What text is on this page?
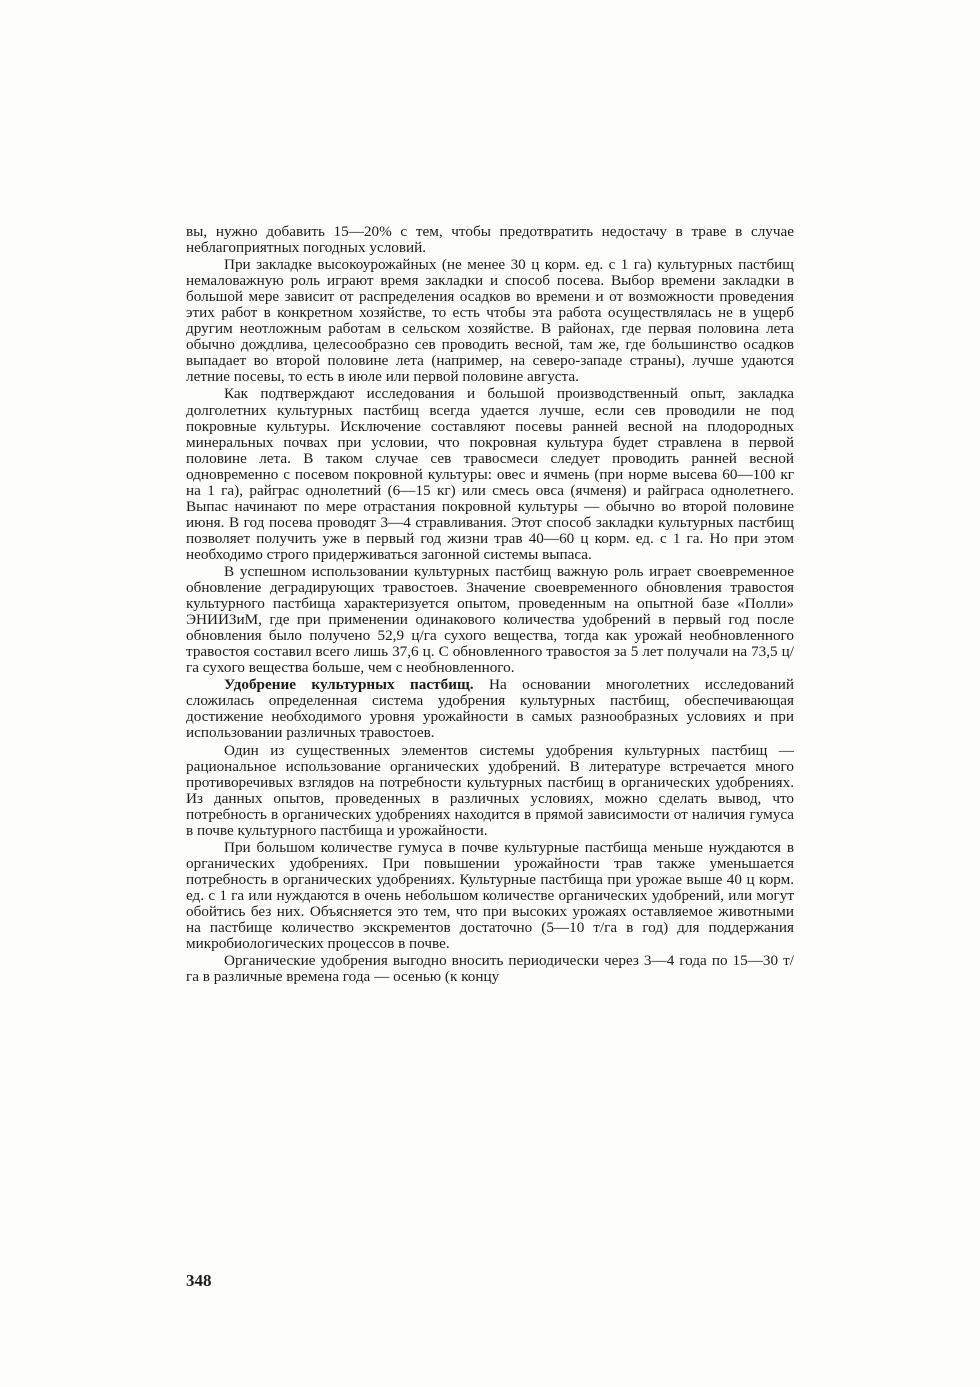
вы, нужно добавить 15—20% с тем, чтобы предотвратить недостачу в траве в случае неблагоприятных погодных условий.

При закладке высокоурожайных (не менее 30 ц корм. ед. с 1 га) культурных пастбищ немаловажную роль играют время закладки и способ посева. Выбор времени закладки в большой мере зависит от распределения осадков во времени и от возможности проведения этих работ в конкретном хозяйстве, то есть чтобы эта работа осуществлялась не в ущерб другим неотложным работам в сельском хозяйстве. В районах, где первая половина лета обычно дождлива, целесообразно сев проводить весной, там же, где большинство осадков выпадает во второй половине лета (например, на северо-западе страны), лучше удаются летние посевы, то есть в июле или первой половине августа.

Как подтверждают исследования и большой производственный опыт, закладка долголетних культурных пастбищ всегда удается лучше, если сев проводили не под покровные культуры. Исключение составляют посевы ранней весной на плодородных минеральных почвах при условии, что покровная культура будет стравлена в первой половине лета. В таком случае сев травосмеси следует проводить ранней весной одновременно с посевом покровной культуры: овес и ячмень (при норме высева 60—100 кг на 1 га), райграс однолетний (6—15 кг) или смесь овса (ячменя) и райграса однолетнего. Выпас начинают по мере отрастания покровной культуры — обычно во второй половине июня. В год посева проводят 3—4 стравливания. Этот способ закладки культурных пастбищ позволяет получить уже в первый год жизни трав 40—60 ц корм. ед. с 1 га. Но при этом необходимо строго придерживаться загонной системы выпаса.

В успешном использовании культурных пастбищ важную роль играет своевременное обновление деградирующих травостоев. Значение своевременного обновления травостоя культурного пастбища характеризуется опытом, проведенным на опытной базе «Полли» ЭНИИЗиМ, где при применении одинакового количества удобрений в первый год после обновления было получено 52,9 ц/га сухого вещества, тогда как урожай необновленного травостоя составил всего лишь 37,6 ц. С обновленного травостоя за 5 лет получали на 73,5 ц/га сухого вещества больше, чем с необновленного.

Удобрение культурных пастбищ. На основании многолетних исследований сложилась определенная система удобрения культурных пастбищ, обеспечивающая достижение необходимого уровня урожайности в самых разнообразных условиях и при использовании различных травостоев.

Один из существенных элементов системы удобрения культурных пастбищ — рациональное использование органических удобрений. В литературе встречается много противоречивых взглядов на потребности культурных пастбищ в органических удобрениях. Из данных опытов, проведенных в различных условиях, можно сделать вывод, что потребность в органических удобрениях находится в прямой зависимости от наличия гумуса в почве культурного пастбища и урожайности.

При большом количестве гумуса в почве культурные пастбища меньше нуждаются в органических удобрениях. При повышении урожайности трав также уменьшается потребность в органических удобрениях. Культурные пастбища при урожае выше 40 ц корм. ед. с 1 га или нуждаются в очень небольшом количестве органических удобрений, или могут обойтись без них. Объясняется это тем, что при высоких урожаях оставляемое животными на пастбище количество экскрементов достаточно (5—10 т/га в год) для поддержания микробиологических процессов в почве.

Органические удобрения выгодно вносить периодически через 3—4 года по 15—30 т/га в различные времена года — осенью (к концу

348
